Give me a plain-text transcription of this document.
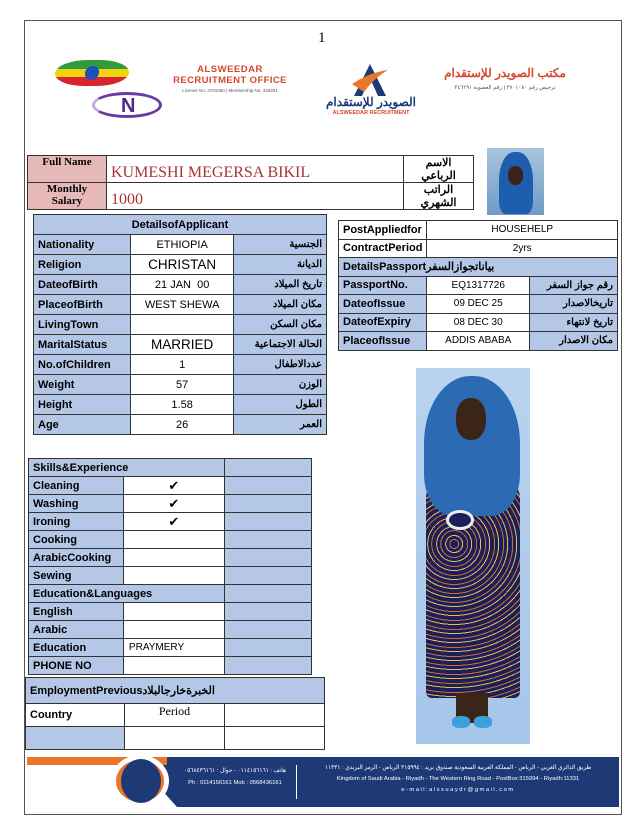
1
N
ALSWEEDAR
RECRUITMENT OFFICE
License No: 3701080 | Membership No: 346291
الصويدر للإستقدام
ALSWEEDAR RECRUITMENT
مكتب الصويدر للإستقدام
ترخيص رقم ٣٧٠١٠٨٠ | رقم العضوية ٣٤٦٢٩١
Full Name	KUMESHI MEGERSA BIKIL	الاسم الرباعي
Monthly Salary	1000	الراتب الشهري
DetailsofApplicant		
Nationality	ETHIOPIA	الجنسية
Religion	CHRISTAN	الديانة
DateofBirth	21 JAN  00	تاريخ الميلاد
PlaceofBirth	WEST SHEWA	مكان الميلاد
LivingTown		مكان السكن
MaritalStatus	MARRIED	الحالة الاجتماعية
No.ofChildren	1	عددالاطفال
Weight	57	الوزن
Height	1.58	الطول
Age	26	العمر
PostAppliedfor	HOUSEHELP	
ContractPeriod	2yrs	
DetailsPassportبياناتجوازالسفر		
PassportNo.	EQ1317726	رقم جواز السفر
DateofIssue	09 DEC 25	تاريخالاصدار
DateofExpiry	08 DEC 30	تاريخ لانتهاء
PlaceofIssue	ADDIS ABABA	مكان الاصدار
Skills&Experience		
Cleaning	✔	
Washing	✔	
Ironing	✔	
Cooking		
ArabicCooking		
Sewing		
Education&Languages		
English		
Arabic		
Education	PRAYMERY	
PHONE NO		
EmploymentPreviousالخبرةخارجالبلاد		
Country	Period	

هاتف : ٠١١٤١٥٦١٦١ - جوال : ٠٥٦٨٤٣٦١٦١
Ph : 0114156161 Mob : 0568436161
طريق الدائري الغربي - الرياض - المملكة العربية السعودية صندوق بريد : ٣١٥٩٩٤ الرياض - الرمز البريدي : ١١٣٣١
Kingdom of Saudi Arabia - Riyadh - The Western Ring Road - PostBox:315994 - Riyadh:11331
e-mail:alssuaydr@gmail.com
